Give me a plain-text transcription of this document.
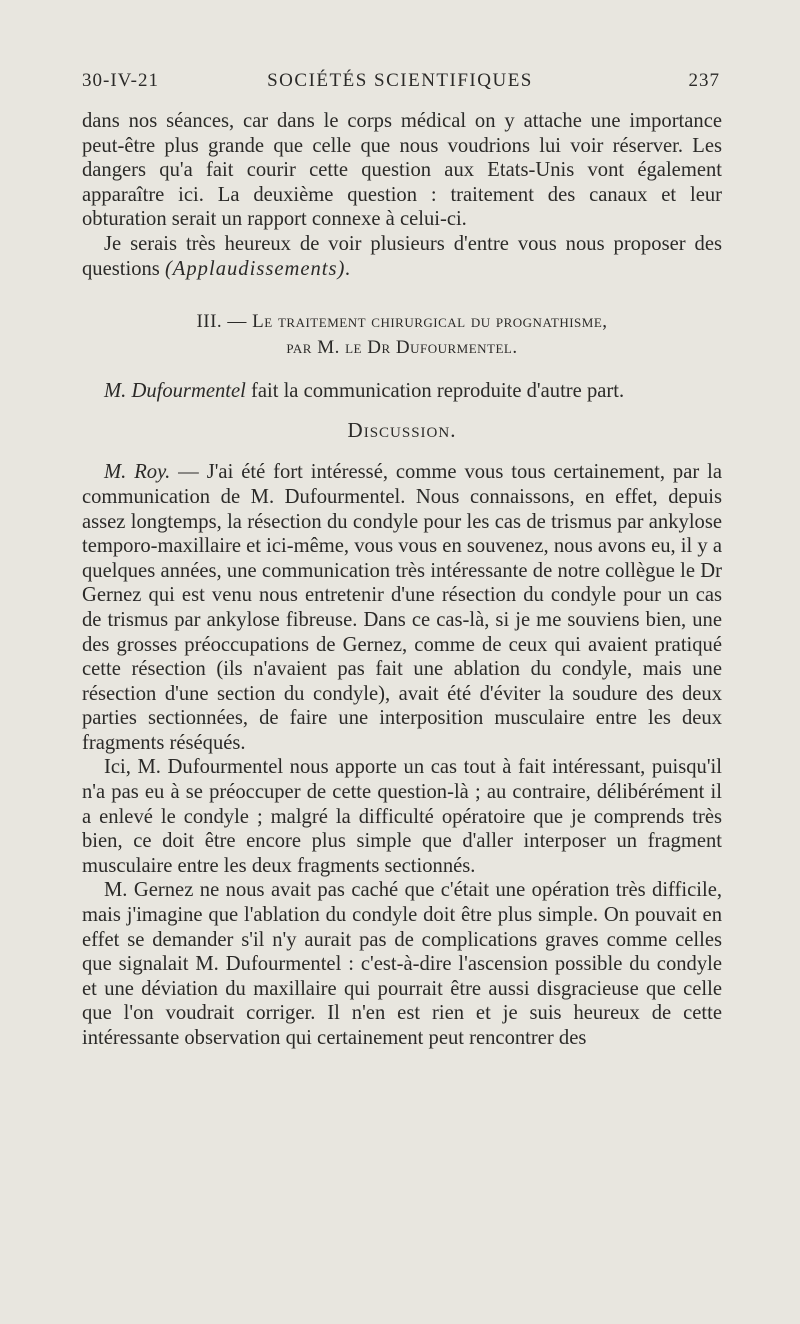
30-IV-21	SOCIÉTÉS SCIENTIFIQUES	237

dans nos séances, car dans le corps médical on y attache une importance peut-être plus grande que celle que nous voudrions lui voir réserver. Les dangers qu'a fait courir cette question aux Etats-Unis vont également apparaître ici. La deuxième question : traitement des canaux et leur obturation serait un rapport connexe à celui-ci.

Je serais très heureux de voir plusieurs d'entre vous nous proposer des questions (Applaudissements).

III. — Le traitement chirurgical du prognathisme,
par M. le Dr Dufourmentel.

M. Dufourmentel fait la communication reproduite d'autre part.

Discussion.

M. Roy. — J'ai été fort intéressé, comme vous tous certainement, par la communication de M. Dufourmentel. Nous connaissons, en effet, depuis assez longtemps, la résection du condyle pour les cas de trismus par ankylose temporo-maxillaire et ici-même, vous vous en souvenez, nous avons eu, il y a quelques années, une communication très intéressante de notre collègue le Dr Gernez qui est venu nous entretenir d'une résection du condyle pour un cas de trismus par ankylose fibreuse. Dans ce cas-là, si je me souviens bien, une des grosses préoccupations de Gernez, comme de ceux qui avaient pratiqué cette résection (ils n'avaient pas fait une ablation du condyle, mais une résection d'une section du condyle), avait été d'éviter la soudure des deux parties sectionnées, de faire une interposition musculaire entre les deux fragments réséqués.

Ici, M. Dufourmentel nous apporte un cas tout à fait intéressant, puisqu'il n'a pas eu à se préoccuper de cette question-là ; au contraire, délibérément il a enlevé le condyle ; malgré la difficulté opératoire que je comprends très bien, ce doit être encore plus simple que d'aller interposer un fragment musculaire entre les deux fragments sectionnés.

M. Gernez ne nous avait pas caché que c'était une opération très difficile, mais j'imagine que l'ablation du condyle doit être plus simple. On pouvait en effet se demander s'il n'y aurait pas de complications graves comme celles que signalait M. Dufourmentel : c'est-à-dire l'ascension possible du condyle et une déviation du maxillaire qui pourrait être aussi disgracieuse que celle que l'on voudrait corriger. Il n'en est rien et je suis heureux de cette intéressante observation qui certainement peut rencontrer des
